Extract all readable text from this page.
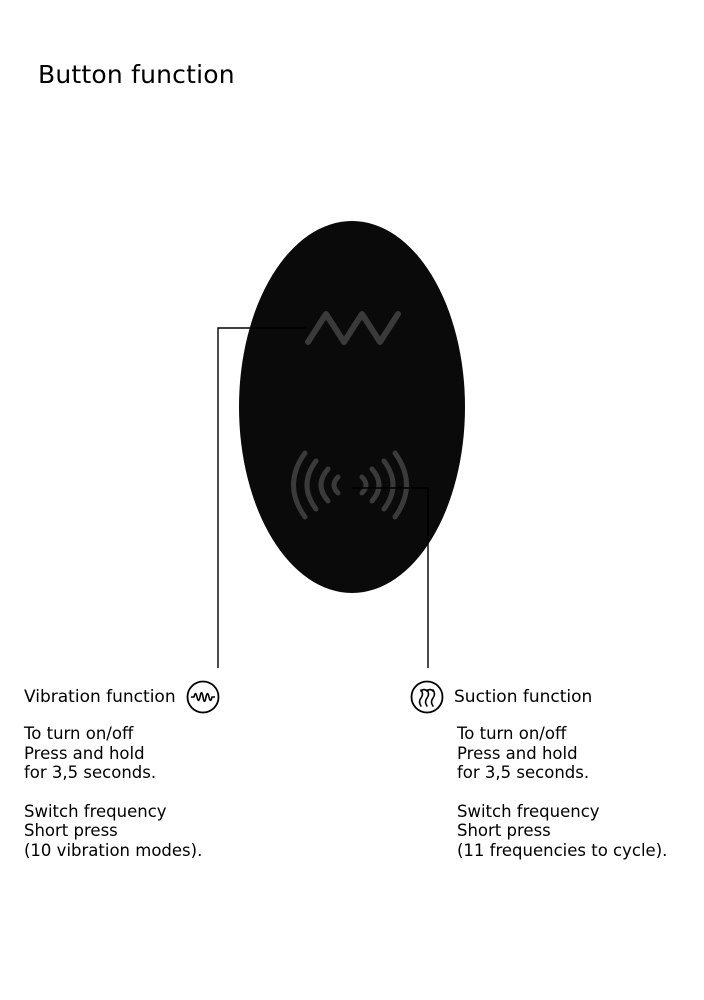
Button function
Vibration function
To turn on/off
Press and hold
for 3,5 seconds.
Switch frequency
Short press
(10 vibration modes).
Suction function
To turn on/off
Press and hold
for 3,5 seconds.
Switch frequency
Short press
(11 frequencies to cycle).
